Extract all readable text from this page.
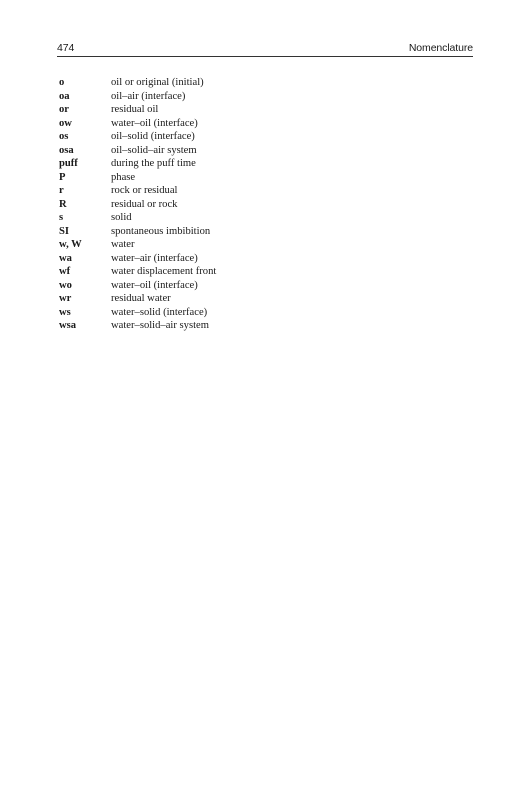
474	Nomenclature
o	oil or original (initial)
oa	oil–air (interface)
or	residual oil
ow	water–oil (interface)
os	oil–solid (interface)
osa	oil–solid–air system
puff	during the puff time
P	phase
r	rock or residual
R	residual or rock
s	solid
SI	spontaneous imbibition
w, W	water
wa	water–air (interface)
wf	water displacement front
wo	water–oil (interface)
wr	residual water
ws	water–solid (interface)
wsa	water–solid–air system
